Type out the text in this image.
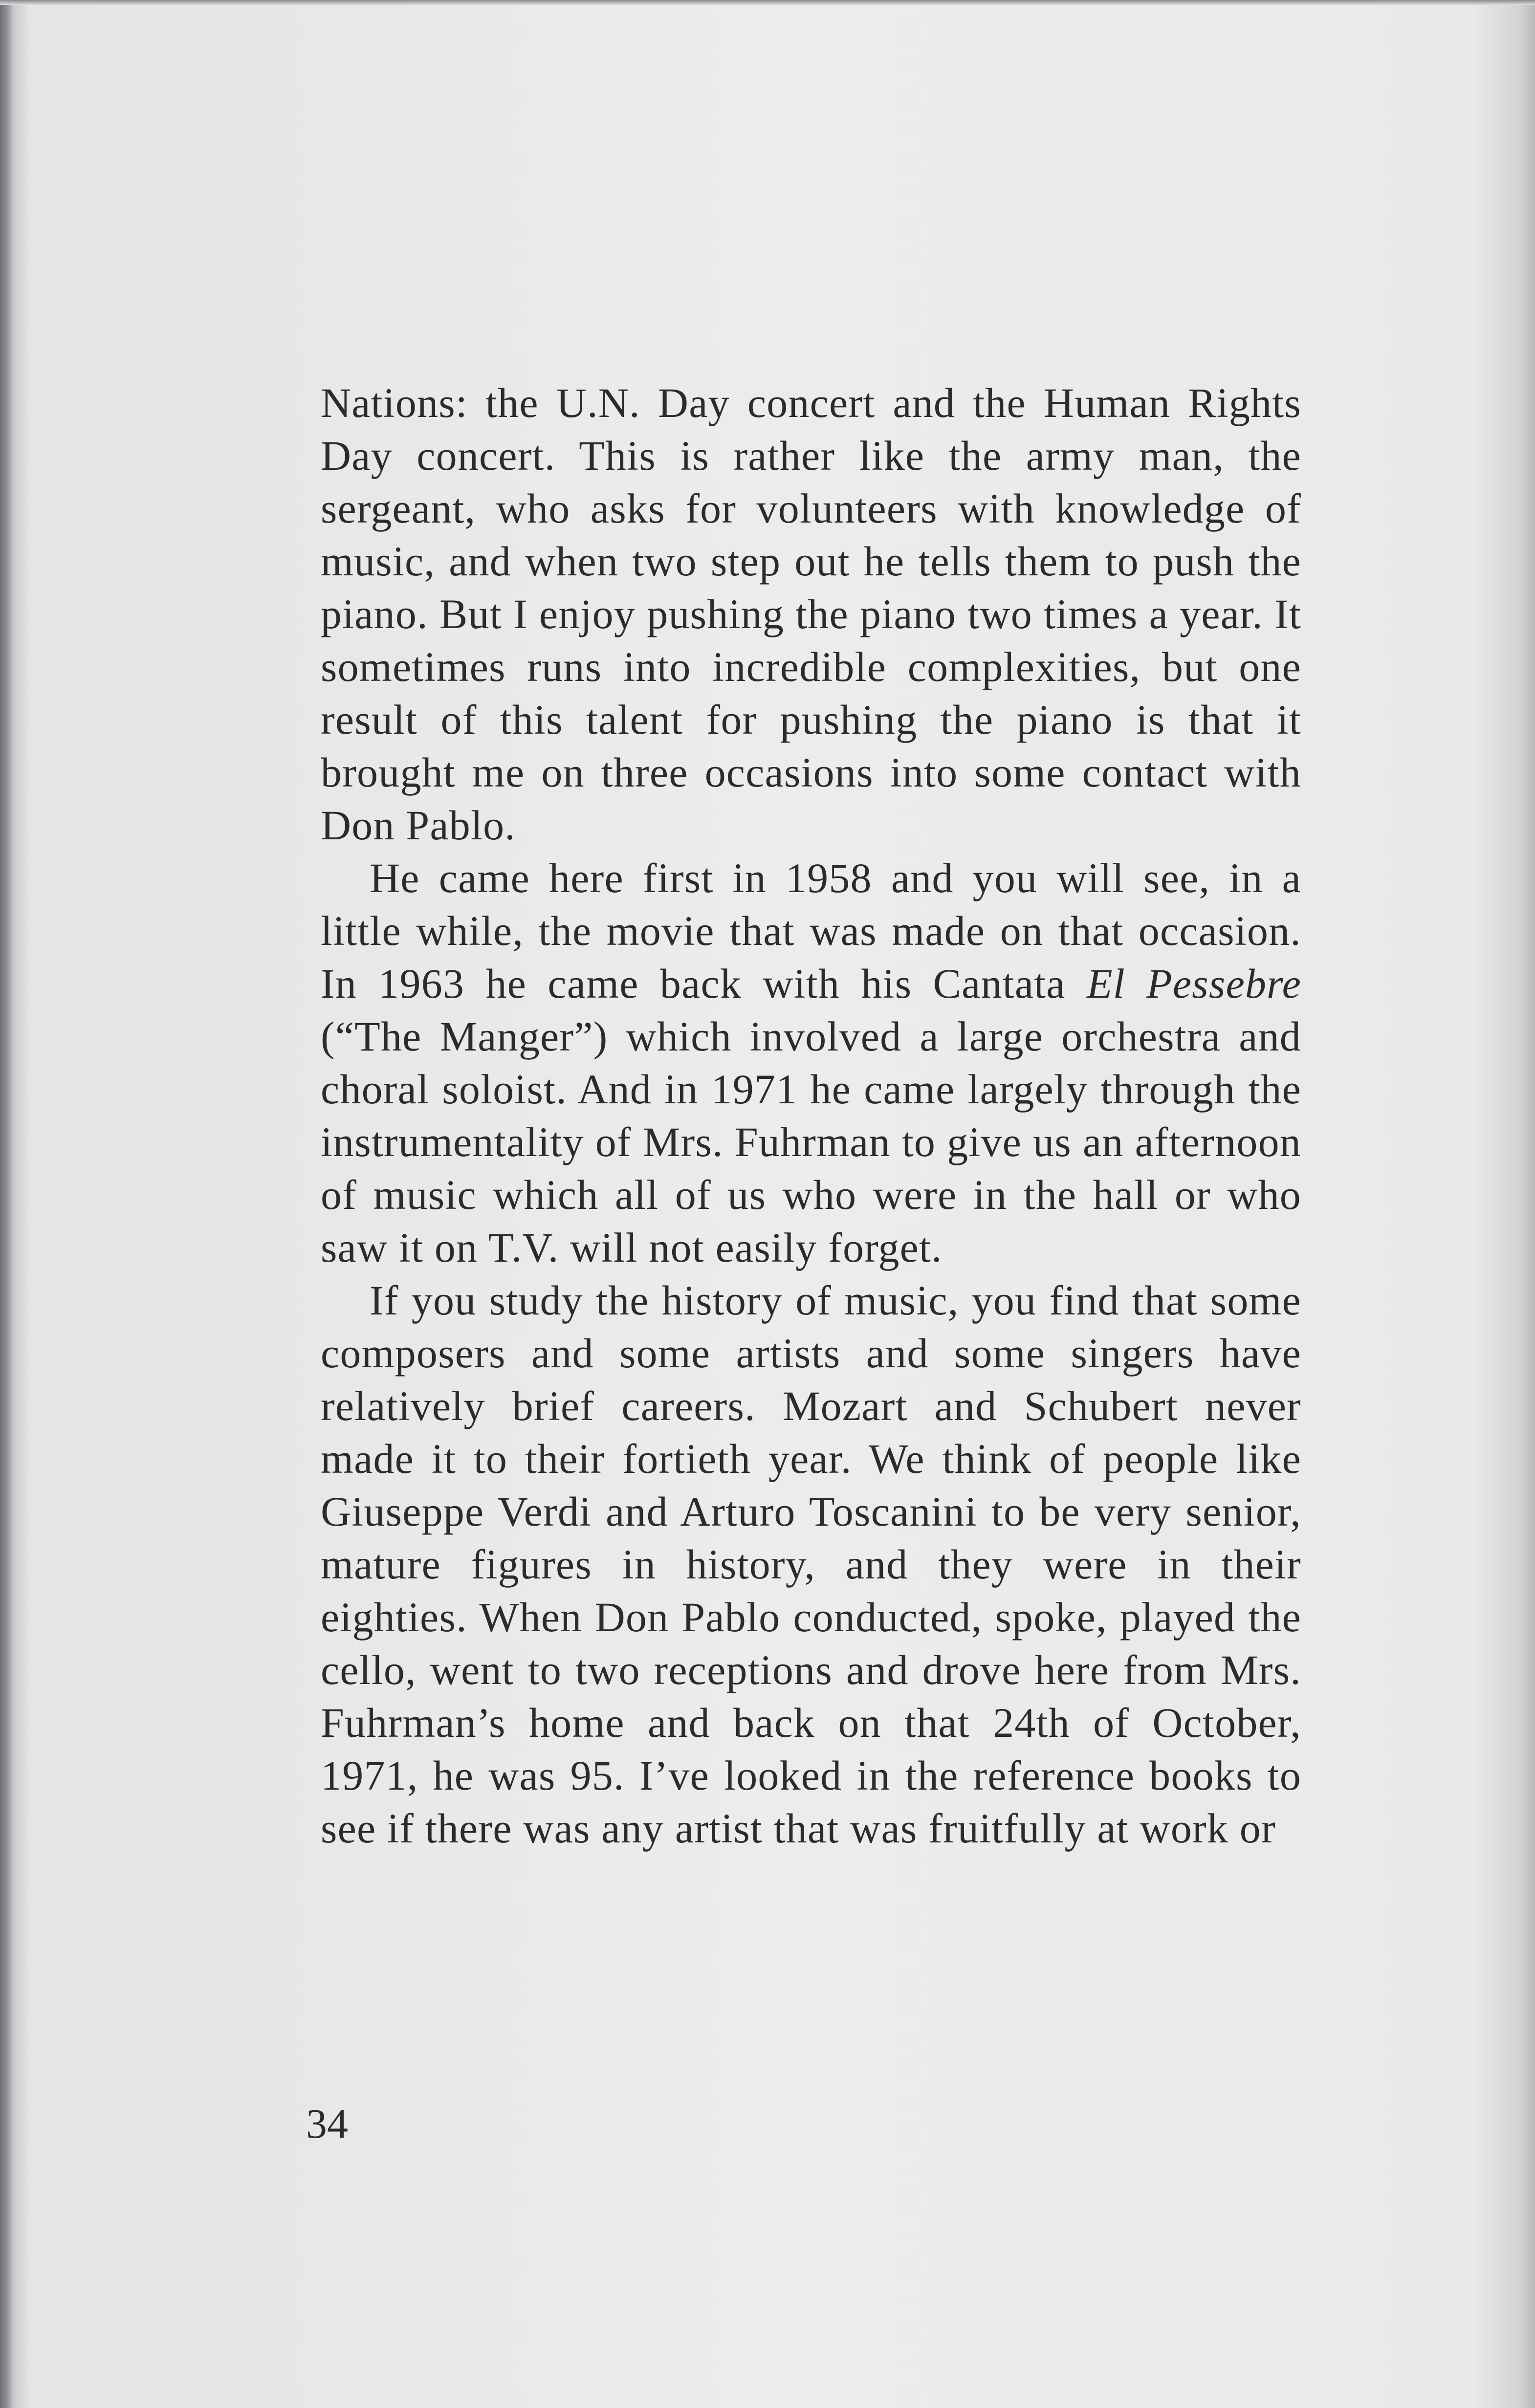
Nations: the U.N. Day concert and the Human Rights Day concert. This is rather like the army man, the sergeant, who asks for volunteers with knowledge of music, and when two step out he tells them to push the piano. But I enjoy pushing the piano two times a year. It sometimes runs into incredible complexities, but one result of this talent for pushing the piano is that it brought me on three occasions into some contact with Don Pablo.

He came here first in 1958 and you will see, in a little while, the movie that was made on that occasion. In 1963 he came back with his Cantata El Pessebre (“The Manger”) which involved a large orchestra and choral soloist. And in 1971 he came largely through the instrumentality of Mrs. Fuhrman to give us an afternoon of music which all of us who were in the hall or who saw it on T.V. will not easily forget.

If you study the history of music, you find that some composers and some artists and some singers have relatively brief careers. Mozart and Schubert never made it to their fortieth year. We think of people like Giuseppe Verdi and Arturo Toscanini to be very senior, mature figures in history, and they were in their eighties. When Don Pablo conducted, spoke, played the cello, went to two receptions and drove here from Mrs. Fuhrman’s home and back on that 24th of October, 1971, he was 95. I’ve looked in the reference books to see if there was any artist that was fruitfully at work or

34
